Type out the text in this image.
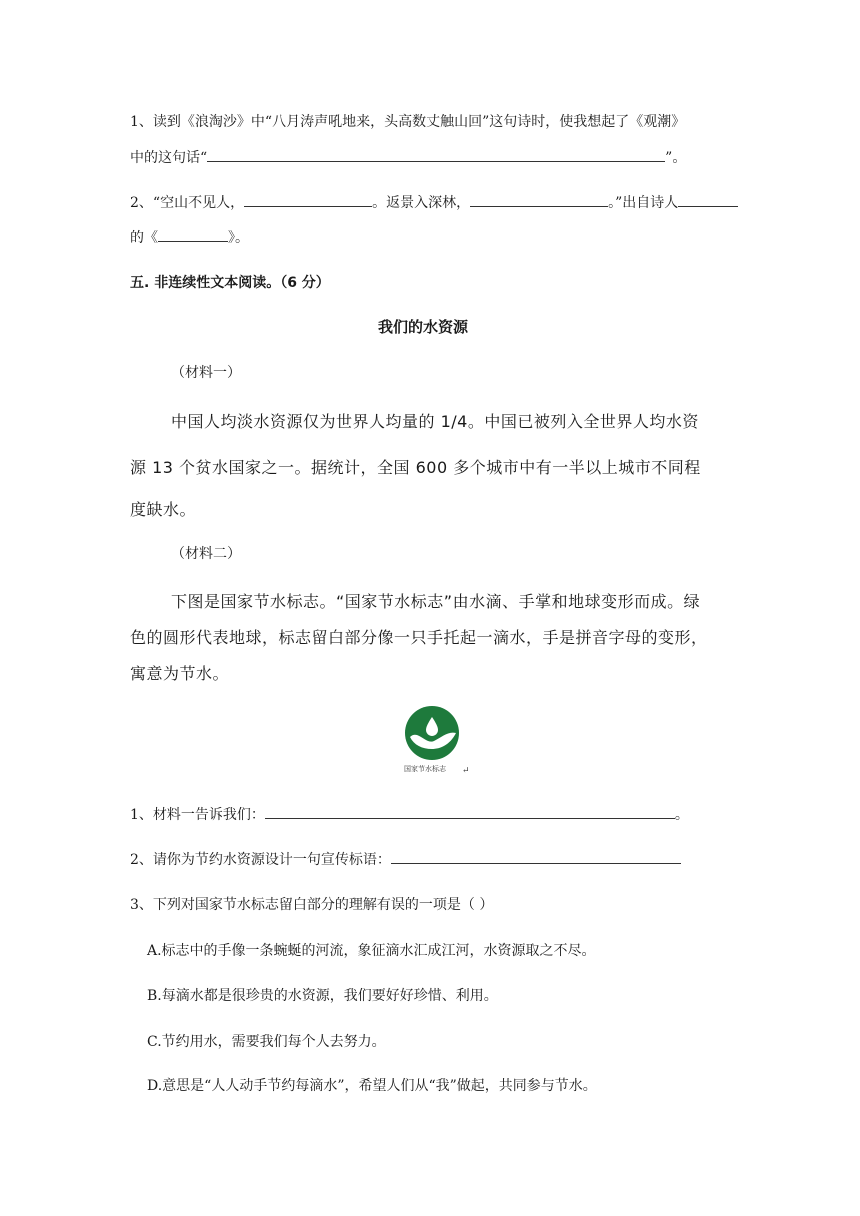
1、读到《浪淘沙》中“八月涛声吼地来，头高数丈触山回”这句诗时，使我想起了《观潮》
中的这句话“	”。
2、“空山不见人，	。返景入深林，	。”出自诗人
的《	》。
五. 非连续性文本阅读。（6 分）
我们的水资源
（材料一）
中国人均淡水资源仅为世界人均量的 1/4。中国已被列入全世界人均水资
源 13 个贫水国家之一。据统计，全国 600 多个城市中有一半以上城市不同程
度缺水。
（材料二）
下图是国家节水标志。“国家节水标志”由水滴、手掌和地球变形而成。绿
色的圆形代表地球，标志留白部分像一只手托起一滴水，手是拼音字母的变形，
寓意为节水。
国家节水标志 ↵
1、材料一告诉我们：	。
2、请你为节约水资源设计一句宣传标语：
3、下列对国家节水标志留白部分的理解有误的一项是（ ）
A.标志中的手像一条蜿蜒的河流，象征滴水汇成江河，水资源取之不尽。
B.每滴水都是很珍贵的水资源，我们要好好珍惜、利用。
C.节约用水，需要我们每个人去努力。
D.意思是“人人动手节约每滴水”，希望人们从“我”做起，共同参与节水。
